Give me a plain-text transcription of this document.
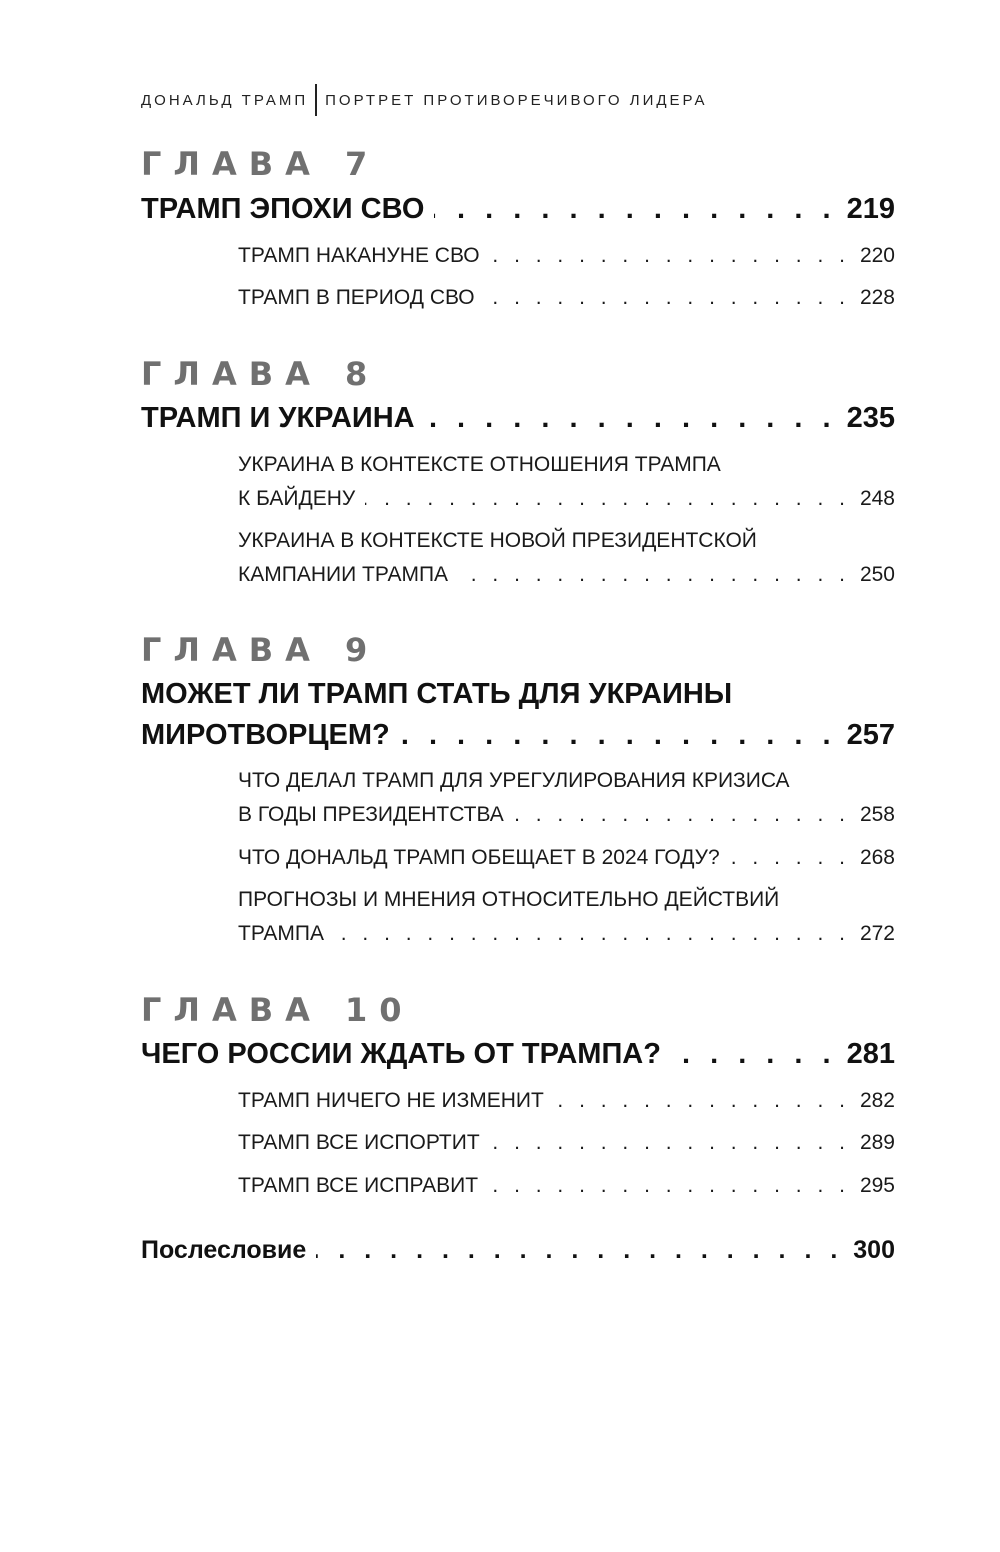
ДОНАЛЬД ТРАМП ПОРТРЕТ ПРОТИВОРЕЧИВОГО ЛИДЕРА
ГЛАВА 7
ТРАМП ЭПОХИ СВО . . .	219
ТРАМП НАКАНУНЕ СВО . . .	220
ТРАМП В ПЕРИОД СВО . . .	228
ГЛАВА 8
ТРАМП И УКРАИНА . . .	235
УКРАИНА В КОНТЕКСТЕ ОТНОШЕНИЯ ТРАМПА
К БАЙДЕНУ . . .	248
УКРАИНА В КОНТЕКСТЕ НОВОЙ ПРЕЗИДЕНТСКОЙ
КАМПАНИИ ТРАМПА . . .	250
ГЛАВА 9
МОЖЕТ ЛИ ТРАМП СТАТЬ ДЛЯ УКРАИНЫ
МИРОТВОРЦЕМ? . . .	257
ЧТО ДЕЛАЛ ТРАМП ДЛЯ УРЕГУЛИРОВАНИЯ КРИЗИСА
В ГОДЫ ПРЕЗИДЕНТСТВА . . .	258
ЧТО ДОНАЛЬД ТРАМП ОБЕЩАЕТ В 2024 ГОДУ? . . .	268
ПРОГНОЗЫ И МНЕНИЯ ОТНОСИТЕЛЬНО ДЕЙСТВИЙ
ТРАМПА . . .	272
ГЛАВА 10
ЧЕГО РОССИИ ЖДАТЬ ОТ ТРАМПА? . . .	281
ТРАМП НИЧЕГО НЕ ИЗМЕНИТ . . .	282
ТРАМП ВСЕ ИСПОРТИТ . . .	289
ТРАМП ВСЕ ИСПРАВИТ . . .	295
Послесловие . . .	300
